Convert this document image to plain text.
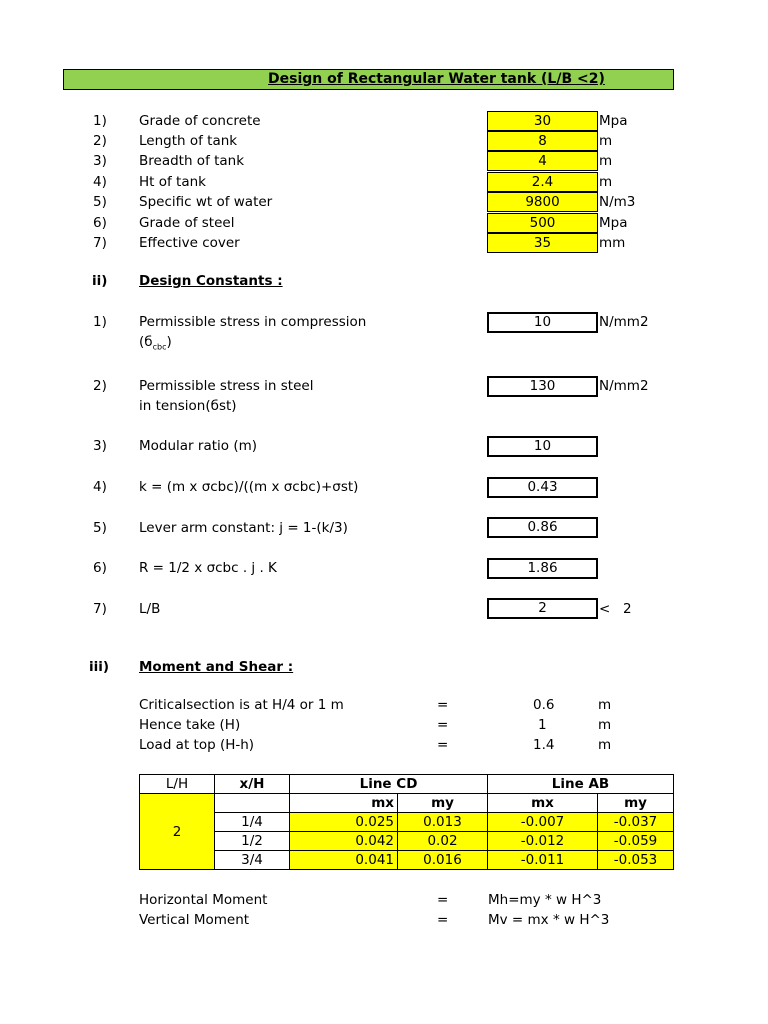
Design of Rectangular Water tank (L/B <2)
1) Grade of concrete	30	Mpa
2) Length of tank	8	m
3) Breadth of tank	4	m
4) Ht of tank	2.4	m
5) Specific wt of water	9800	N/m3
6) Grade of steel	500	Mpa
7) Effective cover	35	mm
ii) Design Constants :
1) Permissible stress in compression
$(б_{cbc})$
10	N/mm2
2) Permissible stress in steel
in tension(бst)
130	N/mm2
3) Modular ratio (m)	10
4) k = (m x σcbc)/((m x σcbc)+σst)	0.43
5) Lever arm constant: j = 1-(k/3)	0.86
6) R = 1/2 x σcbc . j . K	1.86
7) L/B	2	< 2
iii) Moment and Shear :
Criticalsection is at H/4 or 1 m	=	0.6	m
Hence take (H)	=	1	m
Load at top (H-h)	=	1.4	m
L/H	x/H	Line CD		Line AB	
2		mx	my	mx	my
	1/4	0.025	0.013	-0.007	-0.037
	1/2	0.042	0.02	-0.012	-0.059
	3/4	0.041	0.016	-0.011	-0.053
Horizontal Moment	=	Mh=my * w H^3
Vertical Moment	=	Mv = mx * w H^3
